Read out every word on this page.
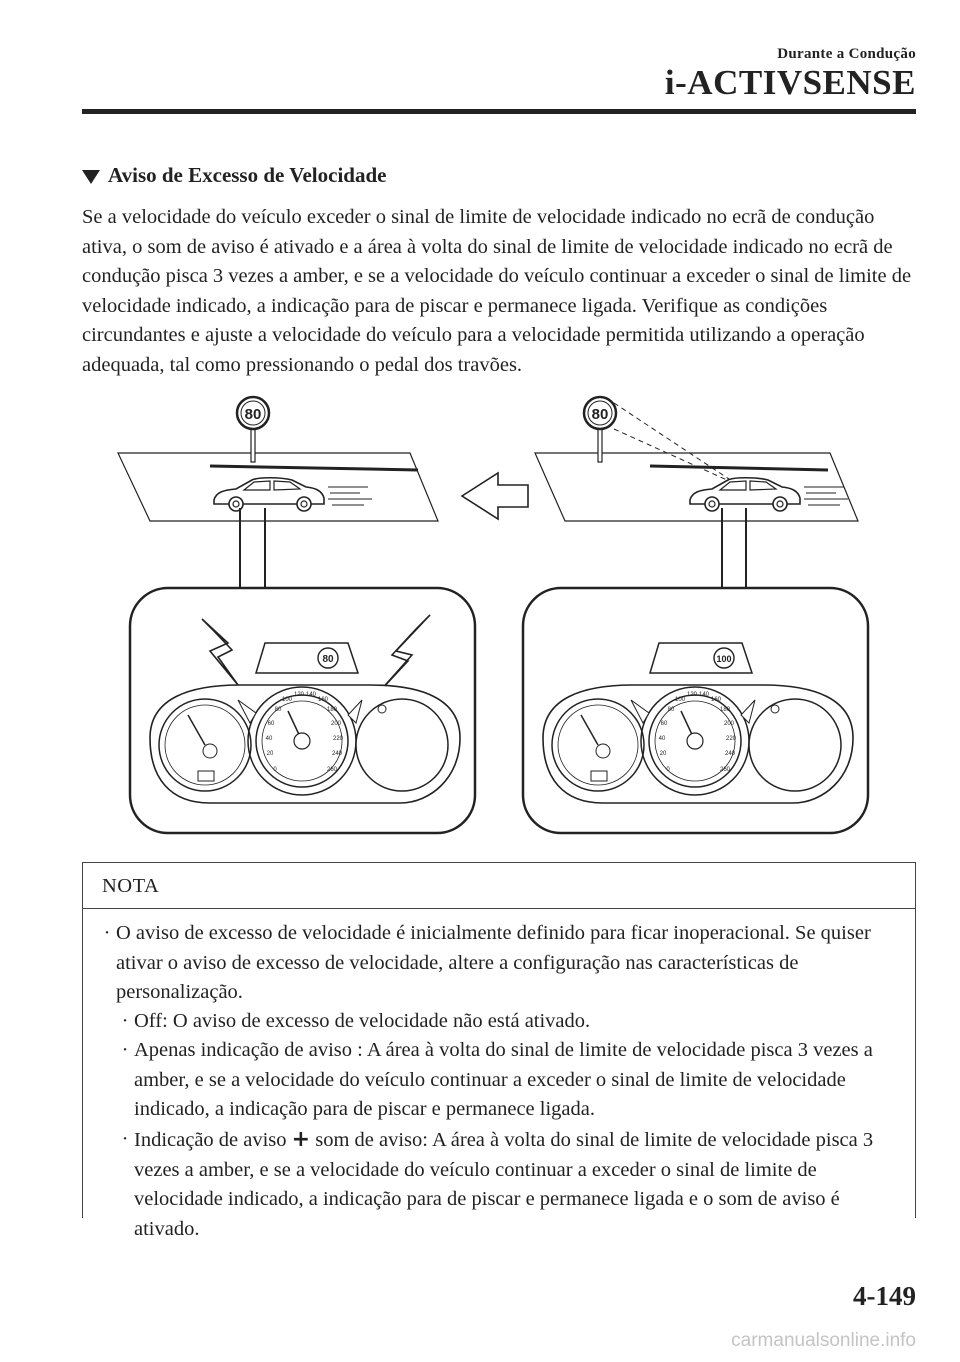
Durante a Condução
i-ACTIVSENSE
Aviso de Excesso de Velocidade

Se a velocidade do veículo exceder o sinal de limite de velocidade indicado no ecrã de condução ativa, o som de aviso é ativado e a área à volta do sinal de limite de velocidade indicado no ecrã de condução pisca 3 vezes a amber, e se a velocidade do veículo continuar a exceder o sinal de limite de velocidade indicado, a indicação para de piscar e permanece ligada. Verifique as condições circundantes e ajuste a velocidade do veículo para a velocidade permitida utilizando a operação adequada, tal como pressionando o pedal dos travões.

80	80
80
0
20
40
60
80
100
120 140
160
180
200
220
240
260
100
0
20
40
60
80
100
120 140
160
180
200
220
240
260
NOTA
· O aviso de excesso de velocidade é inicialmente definido para ficar inoperacional. Se quiser ativar o aviso de excesso de velocidade, altere a configuração nas características de personalização.
· Off: O aviso de excesso de velocidade não está ativado.
· Apenas indicação de aviso : A área à volta do sinal de limite de velocidade pisca 3 vezes a amber, e se a velocidade do veículo continuar a exceder o sinal de limite de velocidade indicado, a indicação para de piscar e permanece ligada.
· Indicação de aviso + som de aviso: A área à volta do sinal de limite de velocidade pisca 3 vezes a amber, e se a velocidade do veículo continuar a exceder o sinal de limite de velocidade indicado, a indicação para de piscar e permanece ligada e o som de aviso é ativado.
4-149
carmanualsonline.info
